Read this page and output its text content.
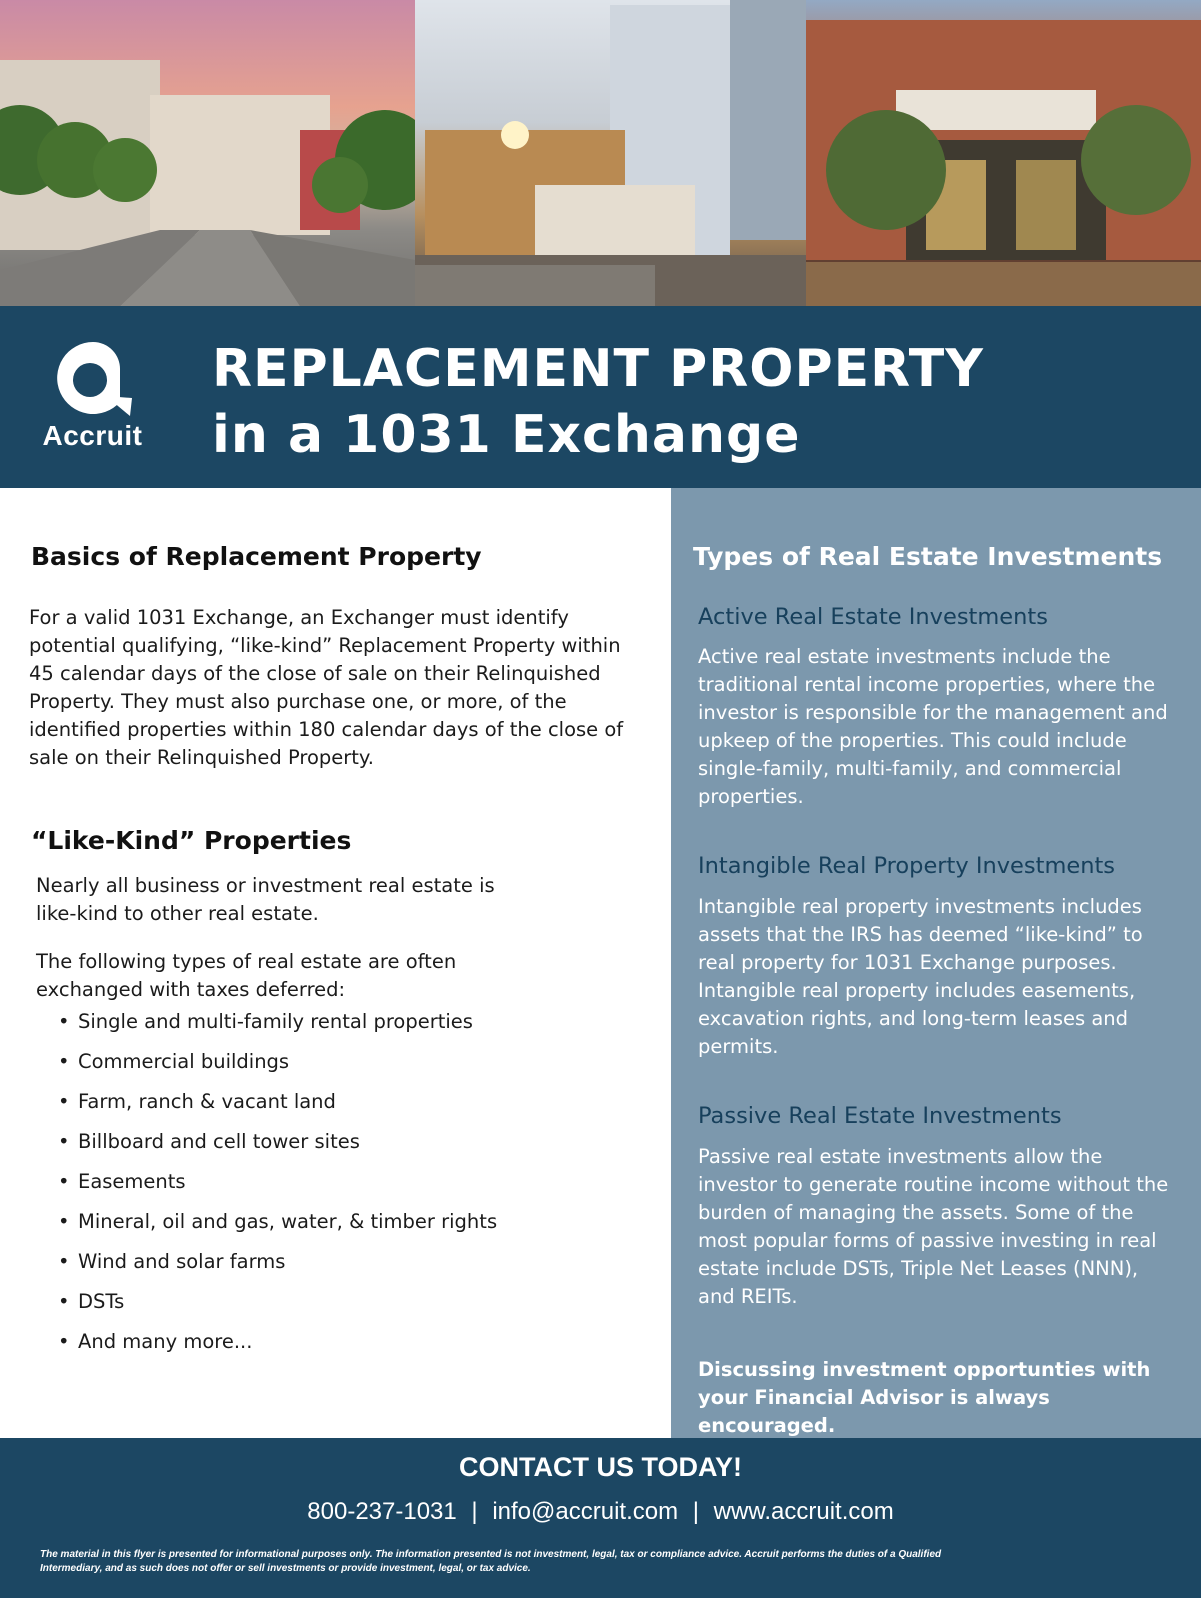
Accruit
REPLACEMENT PROPERTY
in a 1031 Exchange
Basics of Replacement Property

For a valid 1031 Exchange, an Exchanger must identify potential qualifying, “like-kind” Replacement Property within 45 calendar days of the close of sale on their Relinquished Property. They must also purchase one, or more, of the identified properties within 180 calendar days of the close of sale on their Relinquished Property.

“Like-Kind” Properties

Nearly all business or investment real estate is like-kind to other real estate.

The following types of real estate are often exchanged with taxes deferred:

• Single and multi-family rental properties
• Commercial buildings
• Farm, ranch & vacant land
• Billboard and cell tower sites
• Easements
• Mineral, oil and gas, water, & timber rights
• Wind and solar farms
• DSTs
• And many more...
Types of Real Estate Investments
Active Real Estate Investments

Active real estate investments include the traditional rental income properties, where the investor is responsible for the management and upkeep of the properties. This could include single-family, multi-family, and commercial properties.

Intangible Real Property Investments

Intangible real property investments includes assets that the IRS has deemed “like-kind” to real property for 1031 Exchange purposes. Intangible real property includes easements, excavation rights, and long-term leases and permits.

Passive Real Estate Investments

Passive real estate investments allow the investor to generate routine income without the burden of managing the assets. Some of the most popular forms of passive investing in real estate include DSTs, Triple Net Leases (NNN), and REITs.

Discussing investment opportunties with your Financial Advisor is always encouraged.

CONTACT US TODAY!
800-237-1031 | info@accruit.com | www.accruit.com

The material in this flyer is presented for informational purposes only. The information presented is not investment, legal, tax or compliance advice. Accruit performs the duties of a Qualified Intermediary, and as such does not offer or sell investments or provide investment, legal, or tax advice.
